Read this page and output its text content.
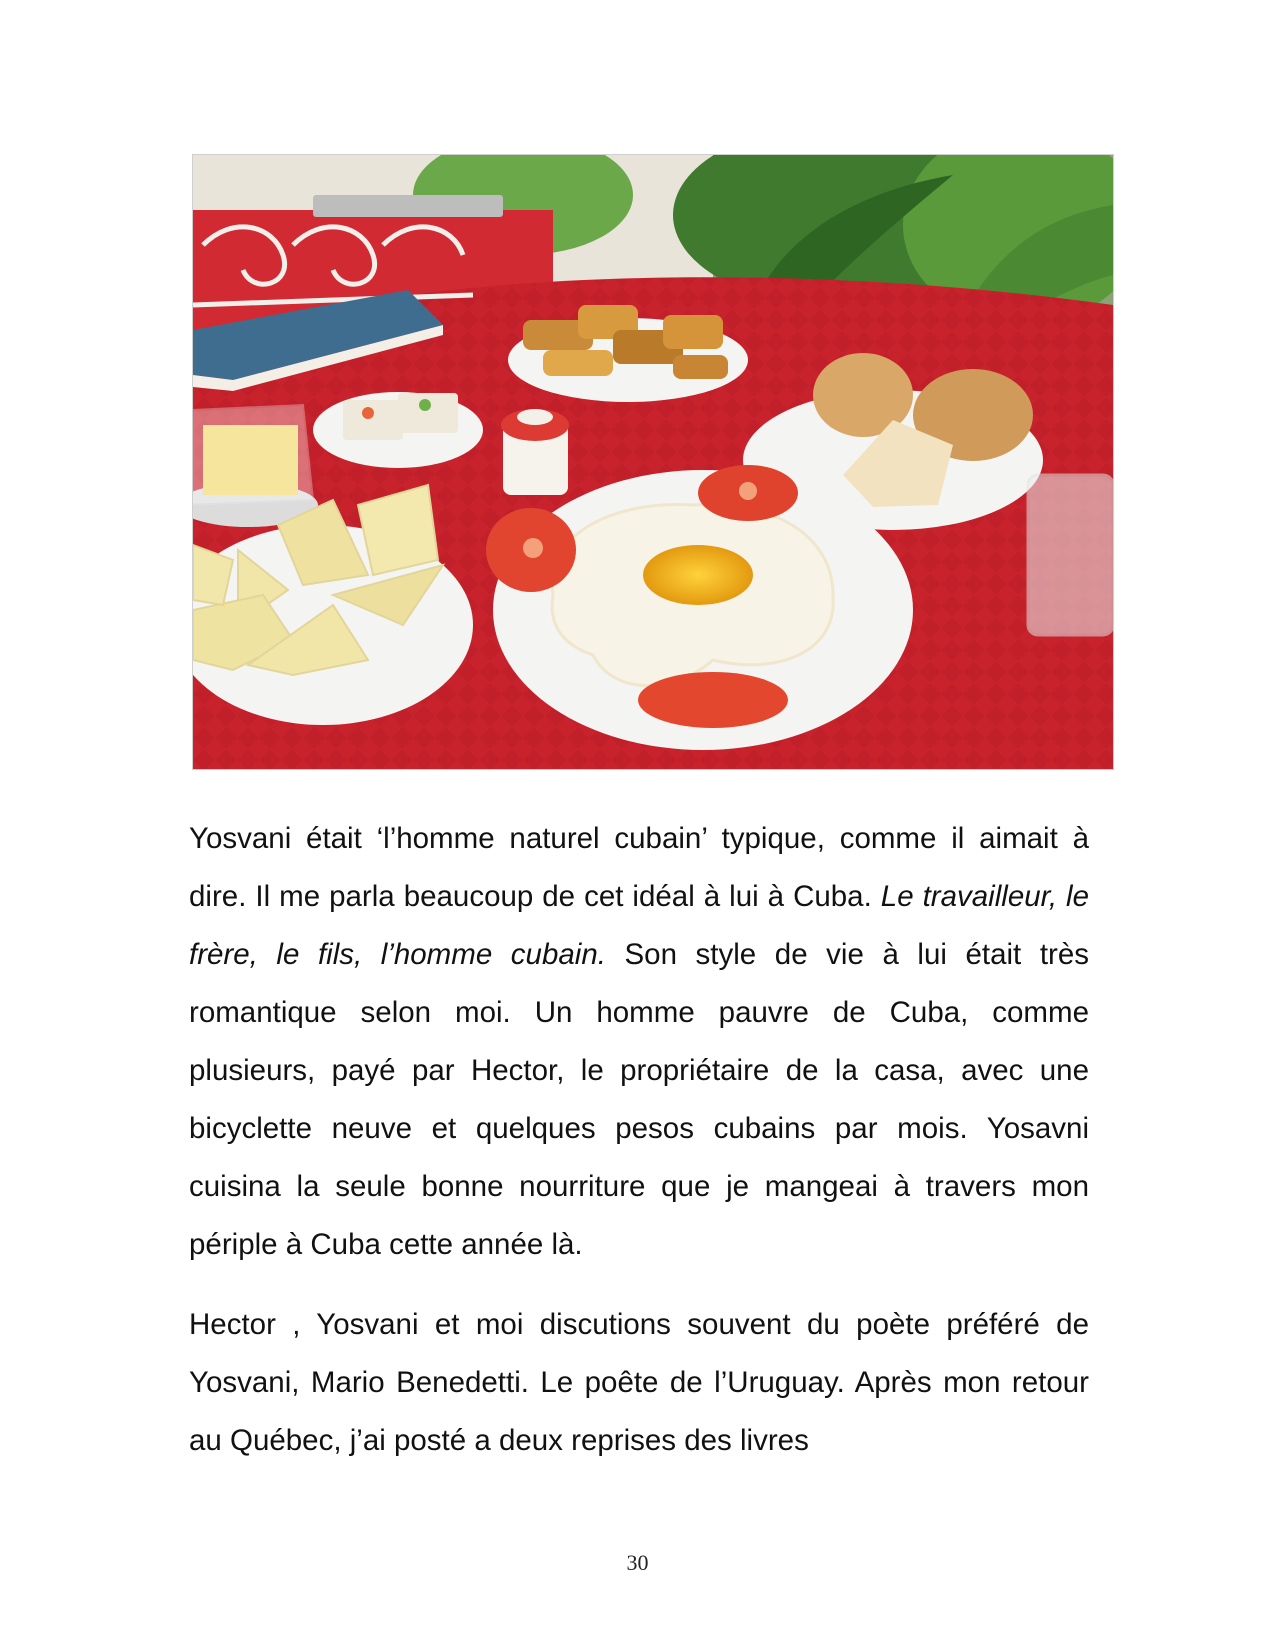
Yosvani était ‘l’homme naturel cubain’ typique, comme il aimait à dire. Il me parla beaucoup de cet idéal à lui à Cuba. Le travailleur, le frère, le fils, l’homme cubain. Son style de vie à lui était très romantique selon moi. Un homme pauvre de Cuba, comme plusieurs, payé par Hector, le propriétaire de la casa, avec une bicyclette neuve et quelques pesos cubains par mois. Yosavni cuisina la seule bonne nourriture que je mangeai à travers mon périple à Cuba cette année là.

Hector , Yosvani et moi discutions souvent du poète préféré de Yosvani, Mario Benedetti. Le poête de l’Uruguay. Après mon retour au Québec, j’ai posté a deux reprises des livres

30
